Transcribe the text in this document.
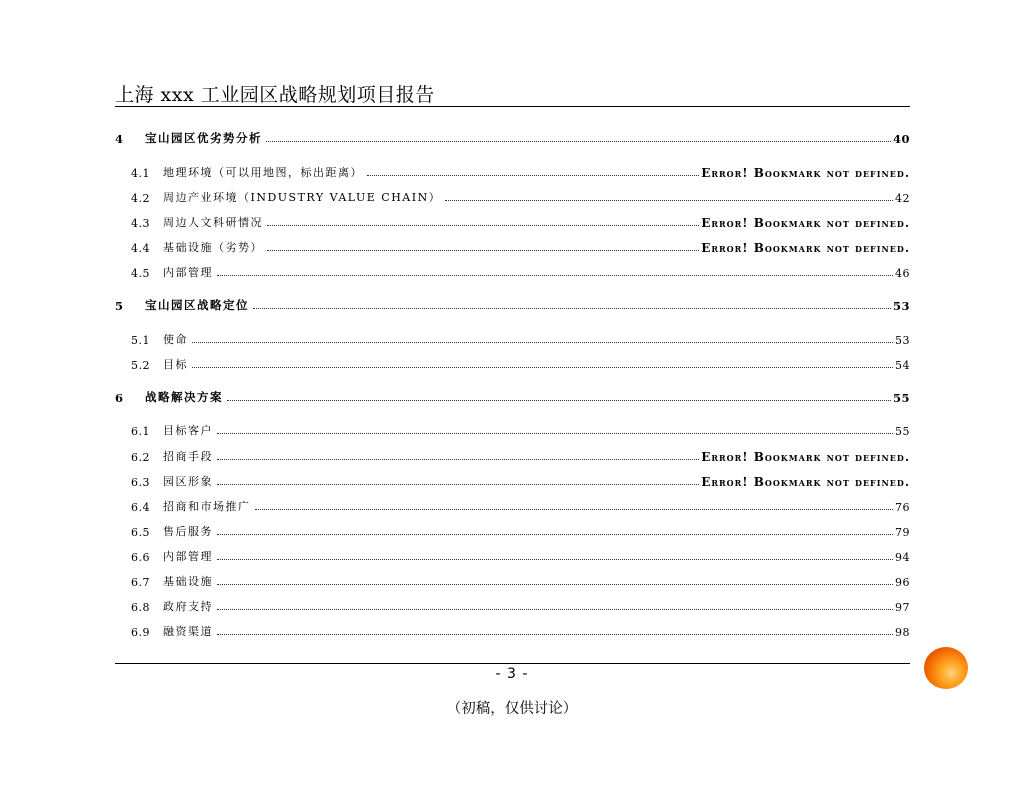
上海 xxx 工业园区战略规划项目报告
4	宝山园区优劣势分析	40
4.1	地理环境（可以用地图，标出距离）	Error! Bookmark not defined.
4.2	周边产业环境（INDUSTRY VALUE CHAIN）	42
4.3	周边人文科研情况	Error! Bookmark not defined.
4.4	基础设施（劣势）	Error! Bookmark not defined.
4.5	内部管理	46
5	宝山园区战略定位	53
5.1	使命	53
5.2	目标	54
6	战略解决方案	55
6.1	目标客户	55
6.2	招商手段	Error! Bookmark not defined.
6.3	园区形象	Error! Bookmark not defined.
6.4	招商和市场推广	76
6.5	售后服务	79
6.6	内部管理	94
6.7	基础设施	96
6.8	政府支持	97
6.9	融资渠道	98
- 3 -
（初稿，仅供讨论）
